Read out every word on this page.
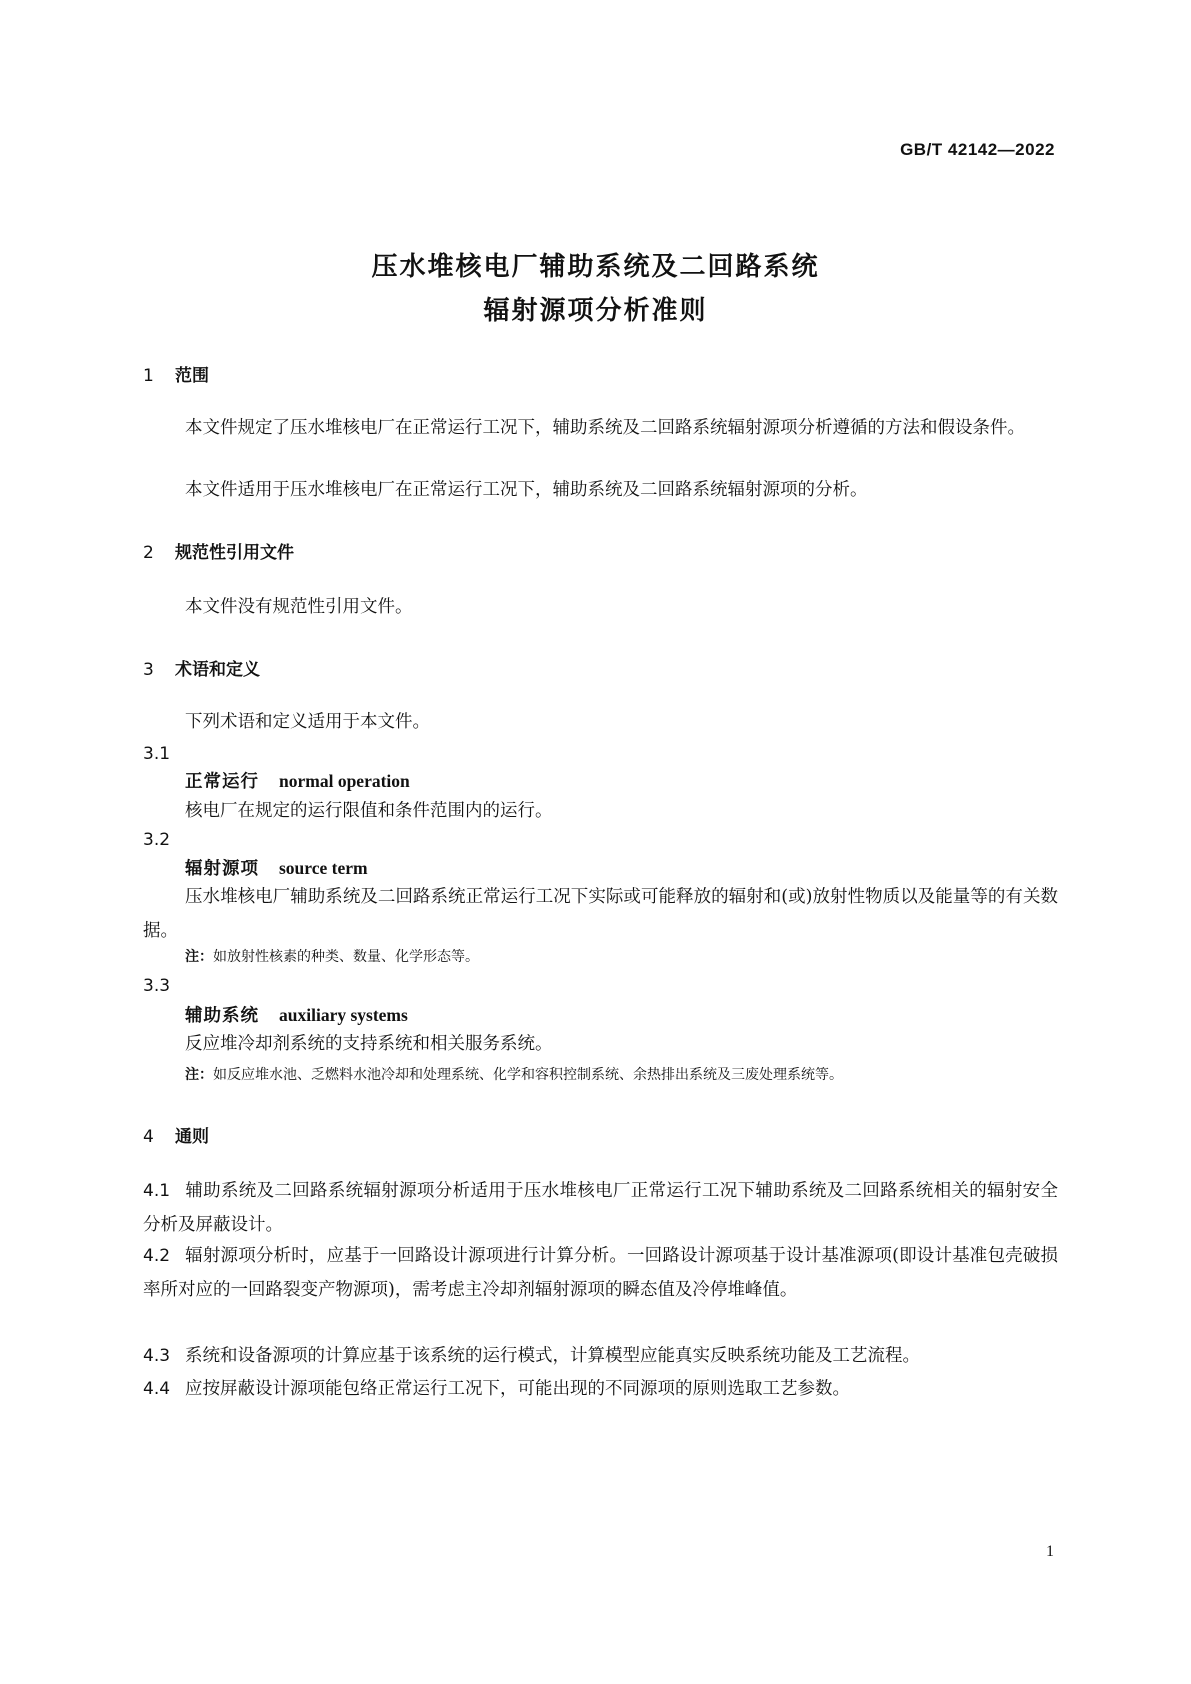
GB/T 42142—2022
压水堆核电厂辅助系统及二回路系统
辐射源项分析准则
1 范围
本文件规定了压水堆核电厂在正常运行工况下，辅助系统及二回路系统辐射源项分析遵循的方法和假设条件。
本文件适用于压水堆核电厂在正常运行工况下，辅助系统及二回路系统辐射源项的分析。
2 规范性引用文件
本文件没有规范性引用文件。
3 术语和定义
下列术语和定义适用于本文件。
3.1
正常运行 normal operation
核电厂在规定的运行限值和条件范围内的运行。
3.2
辐射源项 source term
压水堆核电厂辅助系统及二回路系统正常运行工况下实际或可能释放的辐射和(或)放射性物质以及能量等的有关数据。
注：如放射性核素的种类、数量、化学形态等。
3.3
辅助系统 auxiliary systems
反应堆冷却剂系统的支持系统和相关服务系统。
注：如反应堆水池、乏燃料水池冷却和处理系统、化学和容积控制系统、余热排出系统及三废处理系统等。
4 通则
4.1 辅助系统及二回路系统辐射源项分析适用于压水堆核电厂正常运行工况下辅助系统及二回路系统相关的辐射安全分析及屏蔽设计。
4.2 辐射源项分析时，应基于一回路设计源项进行计算分析。一回路设计源项基于设计基准源项(即设计基准包壳破损率所对应的一回路裂变产物源项)，需考虑主冷却剂辐射源项的瞬态值及冷停堆峰值。
4.3 系统和设备源项的计算应基于该系统的运行模式，计算模型应能真实反映系统功能及工艺流程。
4.4 应按屏蔽设计源项能包络正常运行工况下，可能出现的不同源项的原则选取工艺参数。
1
